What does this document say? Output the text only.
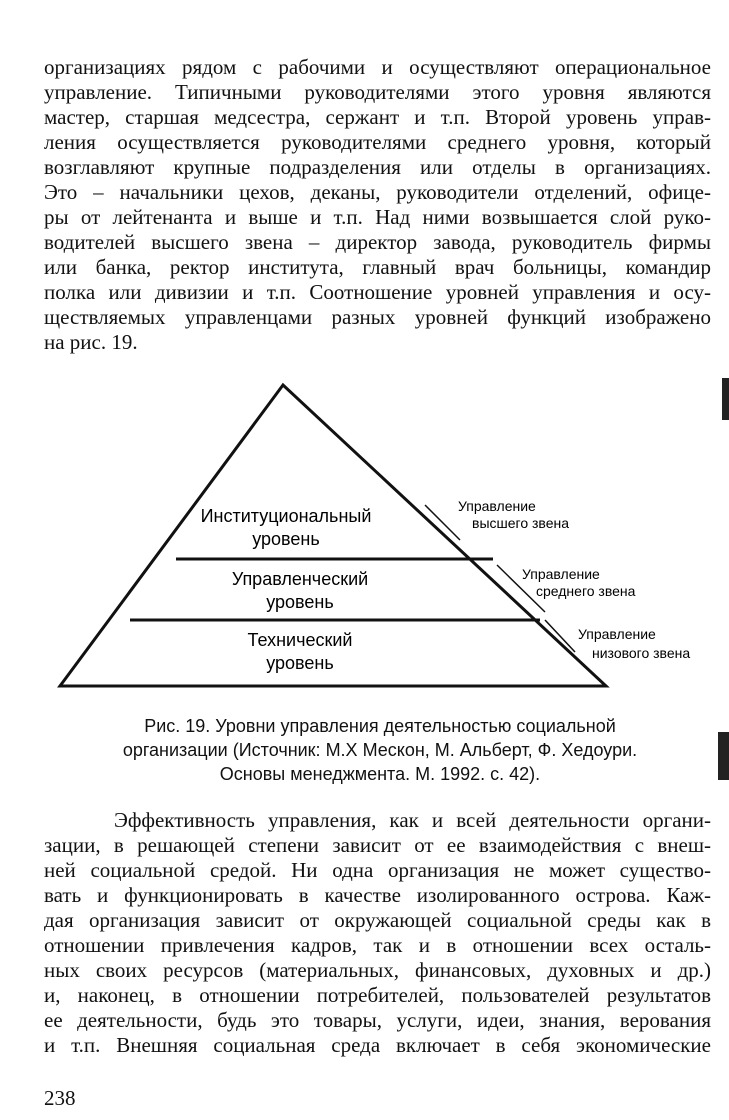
организациях рядом с рабочими и осуществляют операциональное
управление. Типичными руководителями этого уровня являются
мастер, старшая медсестра, сержант и т.п. Второй уровень управ-
ления осуществляется руководителями среднего уровня, который
возглавляют крупные подразделения или отделы в организациях.
Это – начальники цехов, деканы, руководители отделений, офице-
ры от лейтенанта и выше и т.п. Над ними возвышается слой руко-
водителей высшего звена – директор завода, руководитель фирмы
или банка, ректор института, главный врач больницы, командир
полка или дивизии и т.п. Соотношение уровней управления и осу-
ществляемых управленцами разных уровней функций изображено
на рис. 19.
Институциональный
уровень
Управленческий
уровень
Технический
уровень
Управление
высшего звена
Управление
среднего звена
Управление
низового звена
Рис. 19. Уровни управления деятельностью социальной
организации (Источник: М.Х Мескон, М. Альберт, Ф. Хедоури.
Основы менеджмента. М. 1992. с. 42).
Эффективность управления, как и всей деятельности органи-
зации, в решающей степени зависит от ее взаимодействия с внеш-
ней социальной средой. Ни одна организация не может существо-
вать и функционировать в качестве изолированного острова. Каж-
дая организация зависит от окружающей социальной среды как в
отношении привлечения кадров, так и в отношении всех осталь-
ных своих ресурсов (материальных, финансовых, духовных и др.)
и, наконец, в отношении потребителей, пользователей результатов
ее деятельности, будь это товары, услуги, идеи, знания, верования
и т.п. Внешняя социальная среда включает в себя экономические
238
